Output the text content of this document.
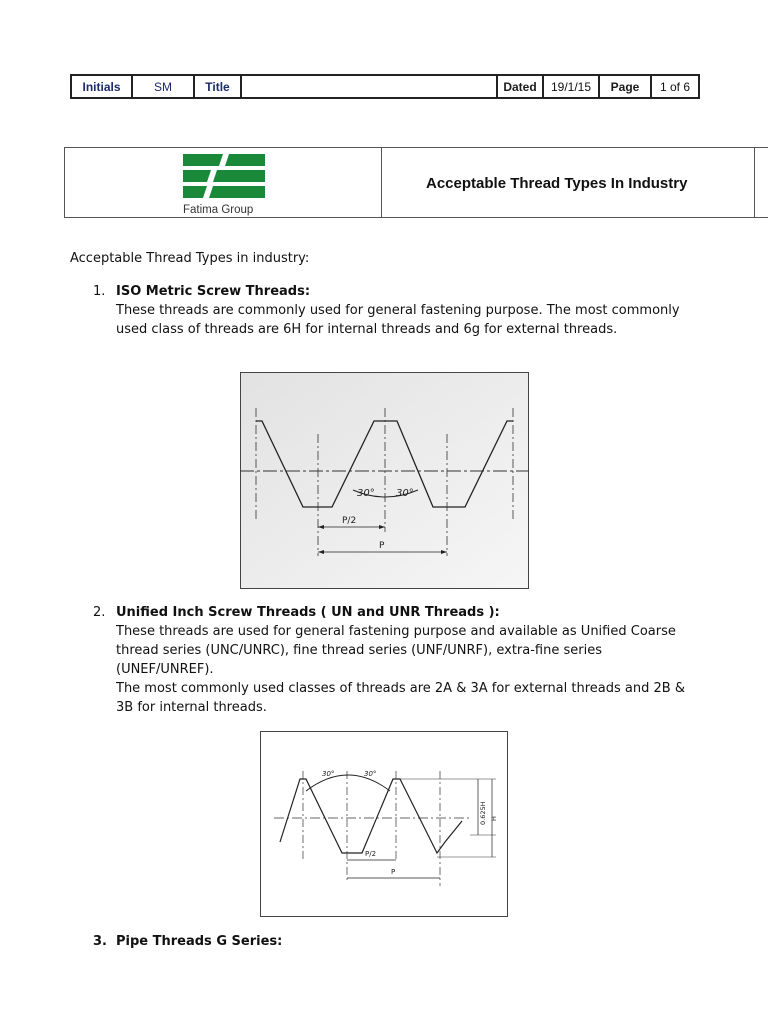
Initials	SM	Title		Dated	19/1/15	Page	1 of 6
Fatima Group
Acceptable Thread Types In Industry
Acceptable Thread Types in industry:
1. ISO Metric Screw Threads:
These threads are commonly used for general fastening purpose. The most commonly used class of threads are 6H for internal threads and 6g for external threads.
30° 30°
P/2
P
2. Unified Inch Screw Threads ( UN and UNR Threads ):
These threads are used for general fastening purpose and available as Unified Coarse thread series (UNC/UNRC), fine thread series (UNF/UNRF), extra-fine series (UNEF/UNREF).
The most commonly used classes of threads are 2A & 3A for external threads and 2B & 3B for internal threads.
30°	30°
0.625H H
P/2
P
3. Pipe Threads G Series:
